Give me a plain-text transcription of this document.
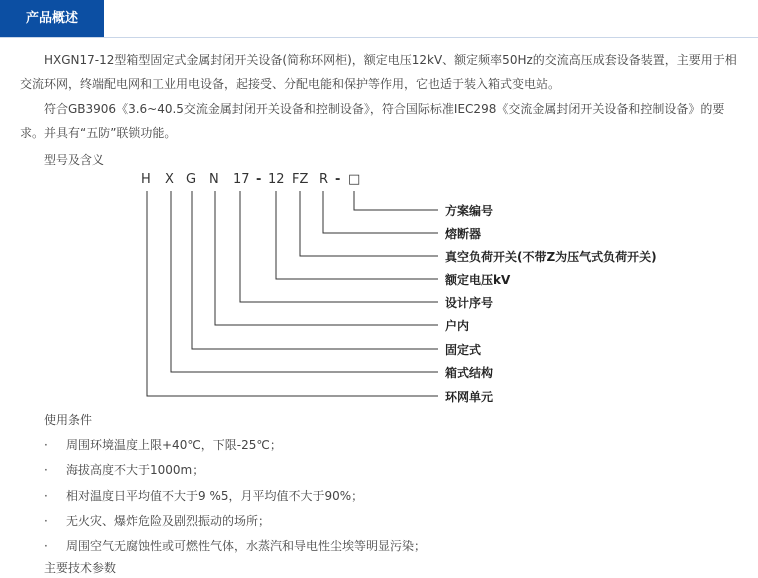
产品概述
HXGN17-12型箱型固定式金属封闭开关设备(简称环网柜)，额定电压12kV、额定频率50Hz的交流高压成套设备装置，主要用于相交流环网，终端配电网和工业用电设备，起接受、分配电能和保护等作用，它也适于装入箱式变电站。
符合GB3906《3.6~40.5交流金属封闭开关设备和控制设备》，符合国际标准IEC298《交流金属封闭开关设备和控制设备》的要求。并具有“五防”联锁功能。
型号及含义
H X G N 17 - 12 FZ R - □
方案编号
熔断器
真空负荷开关(不带Z为压气式负荷开关)
额定电压kV
设计序号
户内
固定式
箱式结构
环网单元
使用条件
· 周围环境温度上限+40℃，下限-25℃；
· 海拔高度不大于1000m；
· 相对温度日平均值不大于9 %5，月平均值不大于90%；
· 无火灾、爆炸危险及剧烈振动的场所；
· 周围空气无腐蚀性或可燃性气体，水蒸汽和导电性尘埃等明显污染；
主要技术参数
